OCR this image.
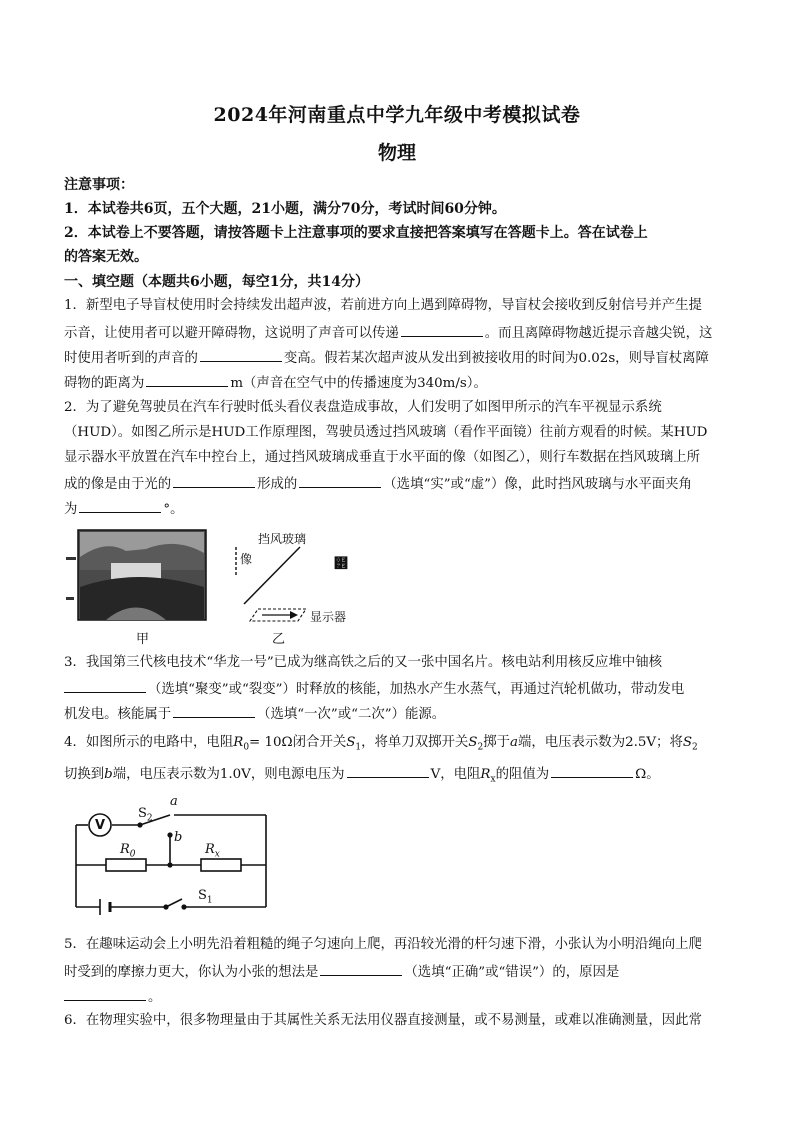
2024年河南重点中学九年级中考模拟试卷
物理
注意事项：
1．本试卷共6页，五个大题，21小题，满分70分，考试时间60分钟。
2．本试卷上不要答题，请按答题卡上注意事项的要求直接把答案填写在答题卡上。答在试卷上
的答案无效。
一、填空题（本题共6小题，每空1分，共14分）
1．新型电子导盲杖使用时会持续发出超声波，若前进方向上遇到障碍物，导盲杖会接收到反射信号并产生提
示音，让使用者可以避开障碍物，这说明了声音可以传递	。而且离障碍物越近提示音越尖锐，这
时使用者听到的声音的	变高。假若某次超声波从发出到被接收用的时间为0.02s，则导盲杖离障
碍物的距离为	m（声音在空气中的传播速度为340m/s）。
2．为了避免驾驶员在汽车行驶时低头看仪表盘造成事故，人们发明了如图甲所示的汽车平视显示系统
（HUD）。如图乙所示是HUD工作原理图，驾驶员透过挡风玻璃（看作平面镜）往前方观看的时候。某HUD
显示器水平放置在汽车中控台上，通过挡风玻璃成垂直于水平面的像（如图乙），则行车数据在挡风玻璃上所
成的像是由于光的	形成的	（选填“实”或“虚”）像，此时挡风玻璃与水平面夹角
为	°。
甲
像
挡风玻璃
显示器
๾
乙
3．我国第三代核电技术“华龙一号”已成为继高铁之后的又一张中国名片。核电站利用核反应堆中铀核
（选填“聚变”或“裂变”）时释放的核能，加热水产生水蒸气，再通过汽轮机做功，带动发电
机发电。核能属于	（选填“一次”或“二次”）能源。
4．如图所示的电路中，电阻$R_0= 10\Omega$闭合开关$S_1$，将单刀双掷开关$S_2$掷于a端，电压表示数为2.5V；将$S_2$
切换到b端，电压表示数为1.0V，则电源电压为	V，电阻$R_x$的阻值为	Ω。
V
$S_2$
a
b
$R_0$	$R_x$
$S_1$
5．在趣味运动会上小明先沿着粗糙的绳子匀速向上爬，再沿较光滑的杆匀速下滑，小张认为小明沿绳向上爬
时受到的摩擦力更大，你认为小张的想法是	（选填“正确”或“错误”）的，原因是
。
6．在物理实验中，很多物理量由于其属性关系无法用仪器直接测量，或不易测量，或难以准确测量，因此常
